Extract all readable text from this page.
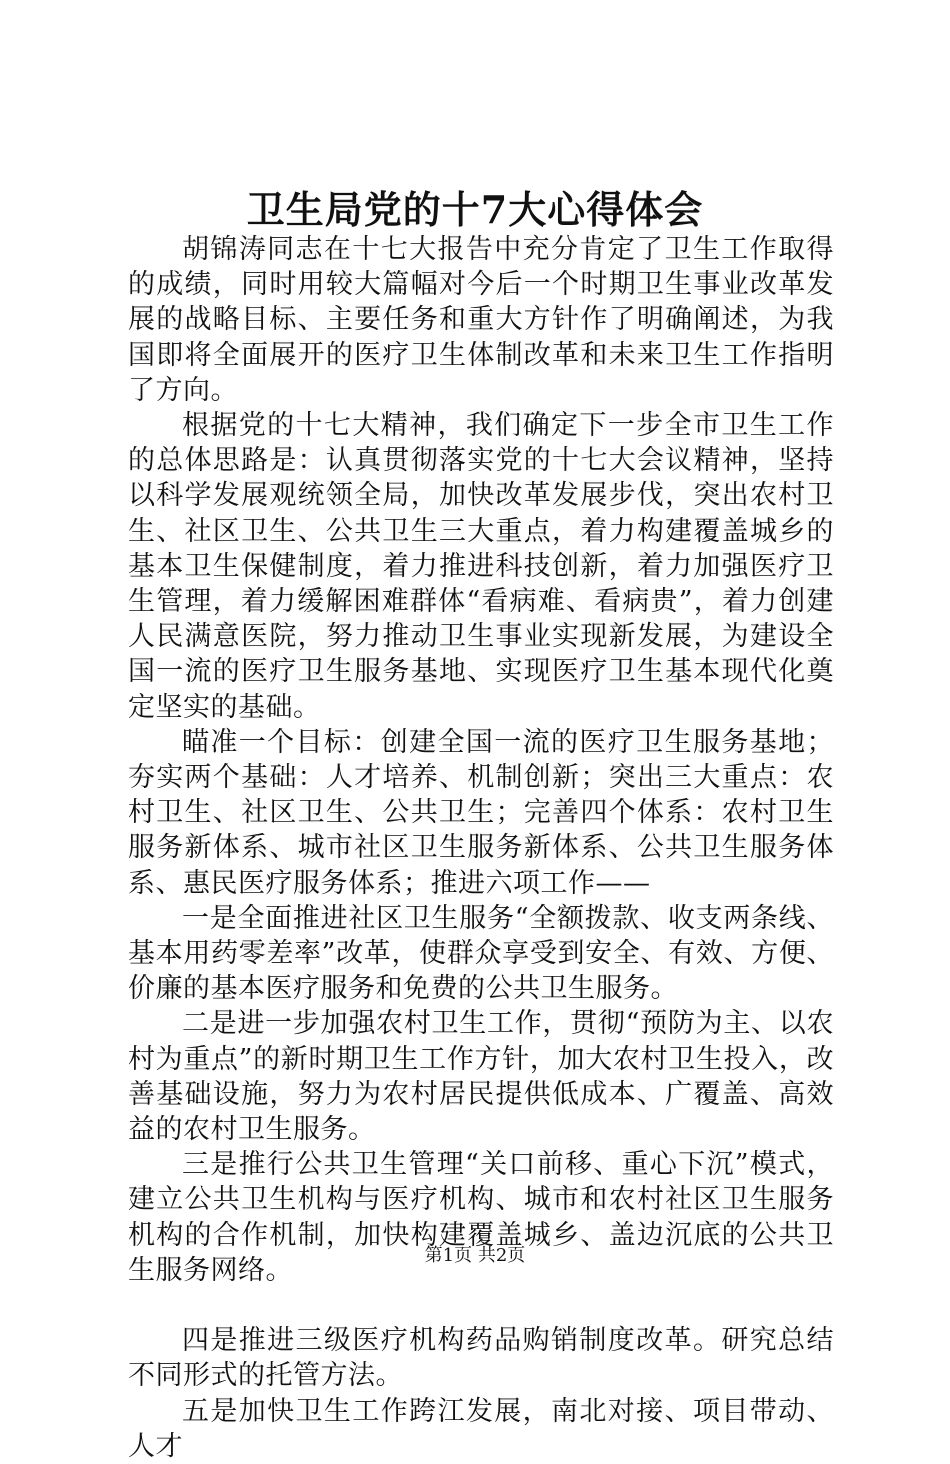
卫生局党的十7大心得体会

胡锦涛同志在十七大报告中充分肯定了卫生工作取得的成绩，同时用较大篇幅对今后一个时期卫生事业改革发展的战略目标、主要任务和重大方针作了明确阐述，为我国即将全面展开的医疗卫生体制改革和未来卫生工作指明了方向。

根据党的十七大精神，我们确定下一步全市卫生工作的总体思路是：认真贯彻落实党的十七大会议精神，坚持以科学发展观统领全局，加快改革发展步伐，突出农村卫生、社区卫生、公共卫生三大重点，着力构建覆盖城乡的基本卫生保健制度，着力推进科技创新，着力加强医疗卫生管理，着力缓解困难群体“看病难、看病贵”，着力创建人民满意医院，努力推动卫生事业实现新发展，为建设全国一流的医疗卫生服务基地、实现医疗卫生基本现代化奠定坚实的基础。

瞄准一个目标：创建全国一流的医疗卫生服务基地；夯实两个基础：人才培养、机制创新；突出三大重点：农村卫生、社区卫生、公共卫生；完善四个体系：农村卫生服务新体系、城市社区卫生服务新体系、公共卫生服务体系、惠民医疗服务体系；推进六项工作——

一是全面推进社区卫生服务“全额拨款、收支两条线、基本用药零差率”改革，使群众享受到安全、有效、方便、价廉的基本医疗服务和免费的公共卫生服务。

二是进一步加强农村卫生工作，贯彻“预防为主、以农村为重点”的新时期卫生工作方针，加大农村卫生投入，改善基础设施，努力为农村居民提供低成本、广覆盖、高效益的农村卫生服务。

三是推行公共卫生管理“关口前移、重心下沉”模式，建立公共卫生机构与医疗机构、城市和农村社区卫生服务机构的合作机制，加快构建覆盖城乡、盖边沉底的公共卫生服务网络。

四是推进三级医疗机构药品购销制度改革。研究总结不同形式的托管方法。

五是加快卫生工作跨江发展，南北对接、项目带动、人才

第1页 共2页
